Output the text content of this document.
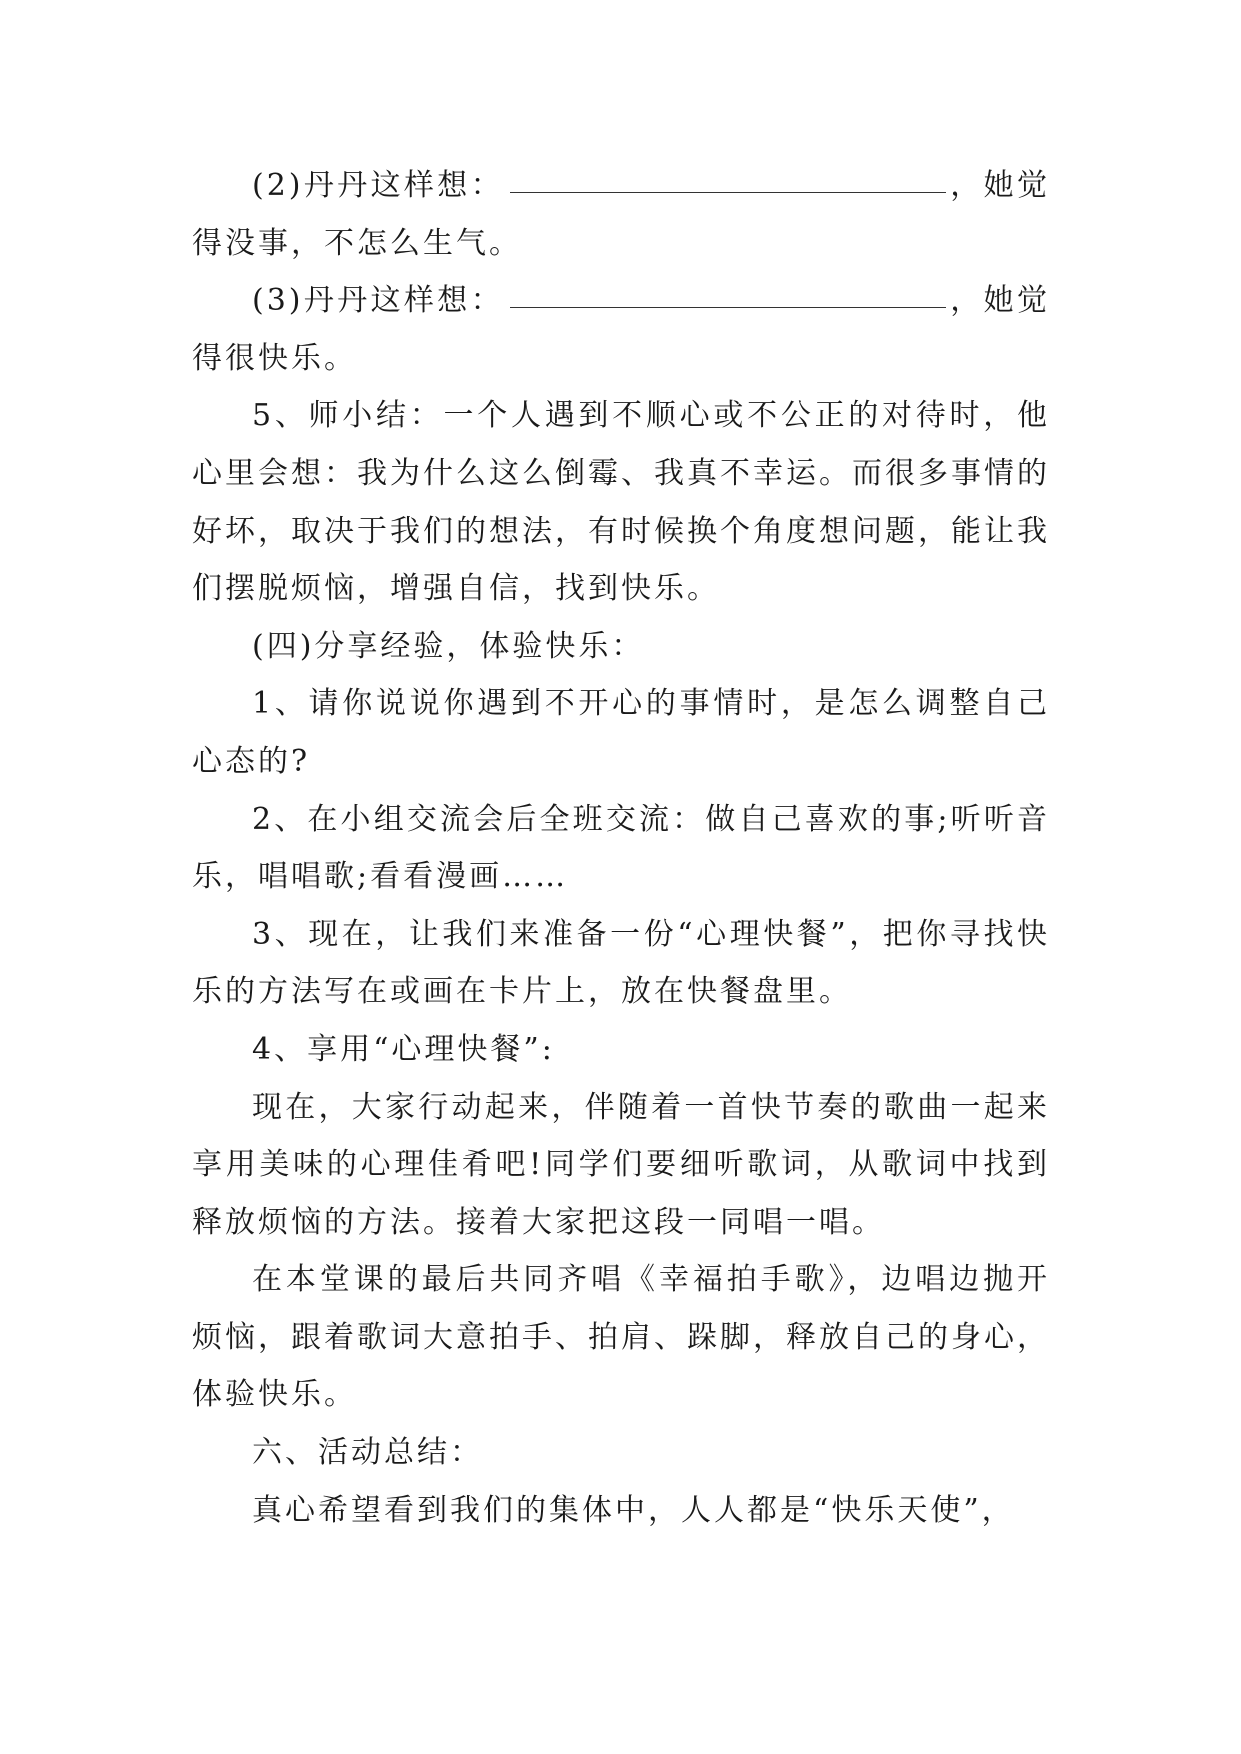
(2)丹丹这样想：	，她觉得没事，不怎么生气。

(3)丹丹这样想：	，她觉得很快乐。

5、师小结：一个人遇到不顺心或不公正的对待时，他心里会想：我为什么这么倒霉、我真不幸运。而很多事情的好坏，取决于我们的想法，有时候换个角度想问题，能让我们摆脱烦恼，增强自信，找到快乐。

(四)分享经验，体验快乐：

1、请你说说你遇到不开心的事情时，是怎么调整自己心态的?

2、在小组交流会后全班交流：做自己喜欢的事;听听音乐，唱唱歌;看看漫画……

3、现在，让我们来准备一份“心理快餐”，把你寻找快乐的方法写在或画在卡片上，放在快餐盘里。

4、享用“心理快餐”:

现在，大家行动起来，伴随着一首快节奏的歌曲一起来享用美味的心理佳肴吧!同学们要细听歌词，从歌词中找到释放烦恼的方法。接着大家把这段一同唱一唱。

在本堂课的最后共同齐唱《幸福拍手歌》，边唱边抛开烦恼，跟着歌词大意拍手、拍肩、跺脚，释放自己的身心，体验快乐。

六、活动总结：

真心希望看到我们的集体中，人人都是“快乐天使”，
